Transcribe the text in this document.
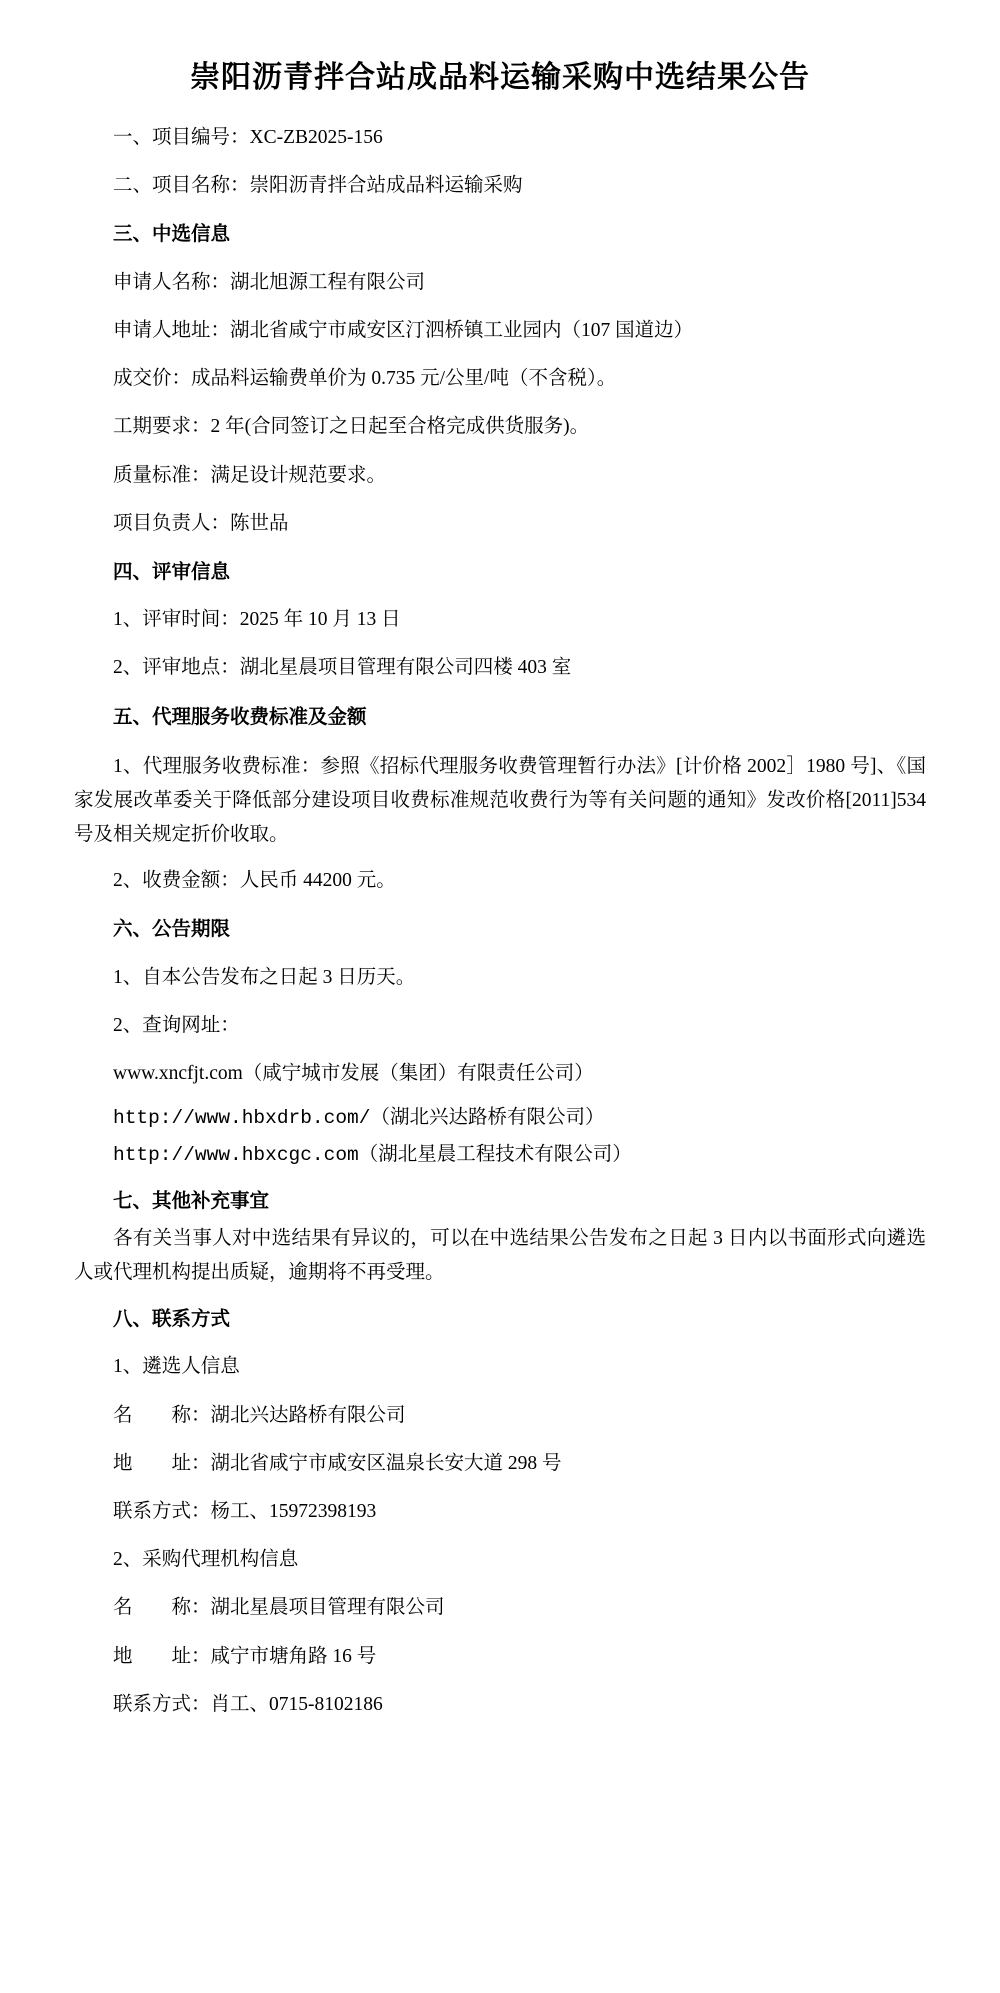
崇阳沥青拌合站成品料运输采购中选结果公告

一、项目编号：XC-ZB2025-156

二、项目名称：崇阳沥青拌合站成品料运输采购

三、中选信息

申请人名称：湖北旭源工程有限公司

申请人地址：湖北省咸宁市咸安区汀泗桥镇工业园内（107 国道边）

成交价：成品料运输费单价为 0.735 元/公里/吨（不含税）。

工期要求：2 年(合同签订之日起至合格完成供货服务)。

质量标准：满足设计规范要求。

项目负责人：陈世品

四、评审信息

1、评审时间：2025 年 10 月 13 日

2、评审地点：湖北星晨项目管理有限公司四楼 403 室

五、代理服务收费标准及金额

1、代理服务收费标准：参照《招标代理服务收费管理暂行办法》[计价格 2002］1980 号]、《国家发展改革委关于降低部分建设项目收费标准规范收费行为等有关问题的通知》发改价格[2011]534 号及相关规定折价收取。

2、收费金额：人民币 44200 元。

六、公告期限

1、自本公告发布之日起 3 日历天。

2、查询网址：

www.xncfjt.com（咸宁城市发展（集团）有限责任公司）

http://www.hbxdrb.com/（湖北兴达路桥有限公司）

http://www.hbxcgc.com（湖北星晨工程技术有限公司）

七、其他补充事宜

各有关当事人对中选结果有异议的，可以在中选结果公告发布之日起 3 日内以书面形式向遴选人或代理机构提出质疑，逾期将不再受理。

八、联系方式

1、遴选人信息

名　　称：湖北兴达路桥有限公司

地　　址：湖北省咸宁市咸安区温泉长安大道 298 号

联系方式：杨工、15972398193

2、采购代理机构信息

名　　称：湖北星晨项目管理有限公司

地　　址：咸宁市塘角路 16 号

联系方式：肖工、0715-8102186
